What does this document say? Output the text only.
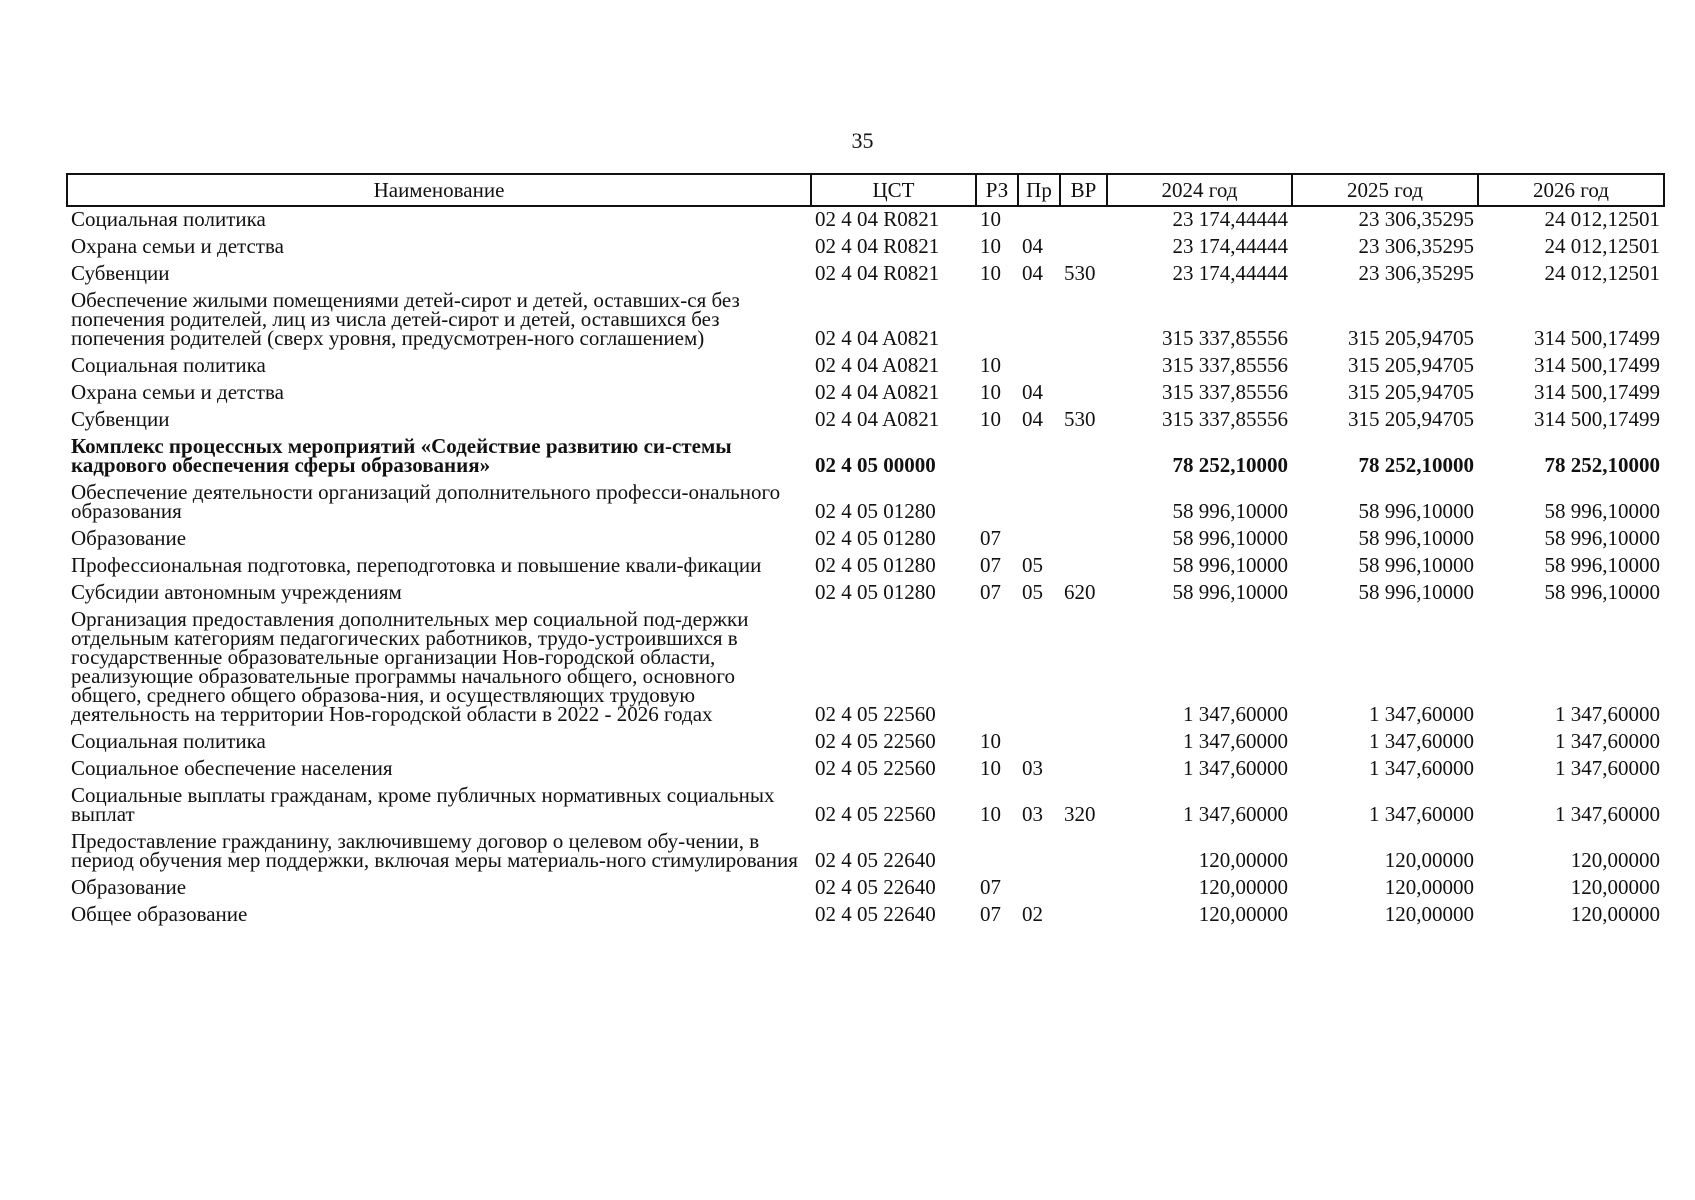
35
Наименование	ЦСТ	РЗ	Пр	ВР	2024 год	2025 год	2026 год
Социальная политика	02 4 04 R0821	10			23 174,44444	23 306,35295	24 012,12501
Охрана семьи и детства	02 4 04 R0821	10	04		23 174,44444	23 306,35295	24 012,12501
Субвенции	02 4 04 R0821	10	04	530	23 174,44444	23 306,35295	24 012,12501
Обеспечение жилыми помещениями детей-сирот и детей, оставших-ся без попечения родителей, лиц из числа детей-сирот и детей, оставшихся без попечения родителей (сверх уровня, предусмотрен-ного соглашением)	02 4 04 A0821				315 337,85556	315 205,94705	314 500,17499
Социальная политика	02 4 04 A0821	10			315 337,85556	315 205,94705	314 500,17499
Охрана семьи и детства	02 4 04 A0821	10	04		315 337,85556	315 205,94705	314 500,17499
Субвенции	02 4 04 A0821	10	04	530	315 337,85556	315 205,94705	314 500,17499
Комплекс процессных мероприятий «Содействие развитию си-стемы кадрового обеспечения сферы образования»	02 4 05 00000				78 252,10000	78 252,10000	78 252,10000
Обеспечение деятельности организаций дополнительного професси-онального образования	02 4 05 01280				58 996,10000	58 996,10000	58 996,10000
Образование	02 4 05 01280	07			58 996,10000	58 996,10000	58 996,10000
Профессиональная подготовка, переподготовка и повышение квали-фикации	02 4 05 01280	07	05		58 996,10000	58 996,10000	58 996,10000
Субсидии автономным учреждениям	02 4 05 01280	07	05	620	58 996,10000	58 996,10000	58 996,10000
Организация предоставления дополнительных мер социальной под-держки отдельным категориям педагогических работников, трудо-устроившихся в государственные образовательные организации Нов-городской области, реализующие образовательные программы начального общего, основного общего, среднего общего образова-ния, и осуществляющих трудовую деятельность на территории Нов-городской области в 2022 - 2026 годах	02 4 05 22560				1 347,60000	1 347,60000	1 347,60000
Социальная политика	02 4 05 22560	10			1 347,60000	1 347,60000	1 347,60000
Социальное обеспечение населения	02 4 05 22560	10	03		1 347,60000	1 347,60000	1 347,60000
Социальные выплаты гражданам, кроме публичных нормативных социальных выплат	02 4 05 22560	10	03	320	1 347,60000	1 347,60000	1 347,60000
Предоставление гражданину, заключившему договор о целевом обу-чении, в период обучения мер поддержки, включая меры материаль-ного стимулирования	02 4 05 22640				120,00000	120,00000	120,00000
Образование	02 4 05 22640	07			120,00000	120,00000	120,00000
Общее образование	02 4 05 22640	07	02		120,00000	120,00000	120,00000
